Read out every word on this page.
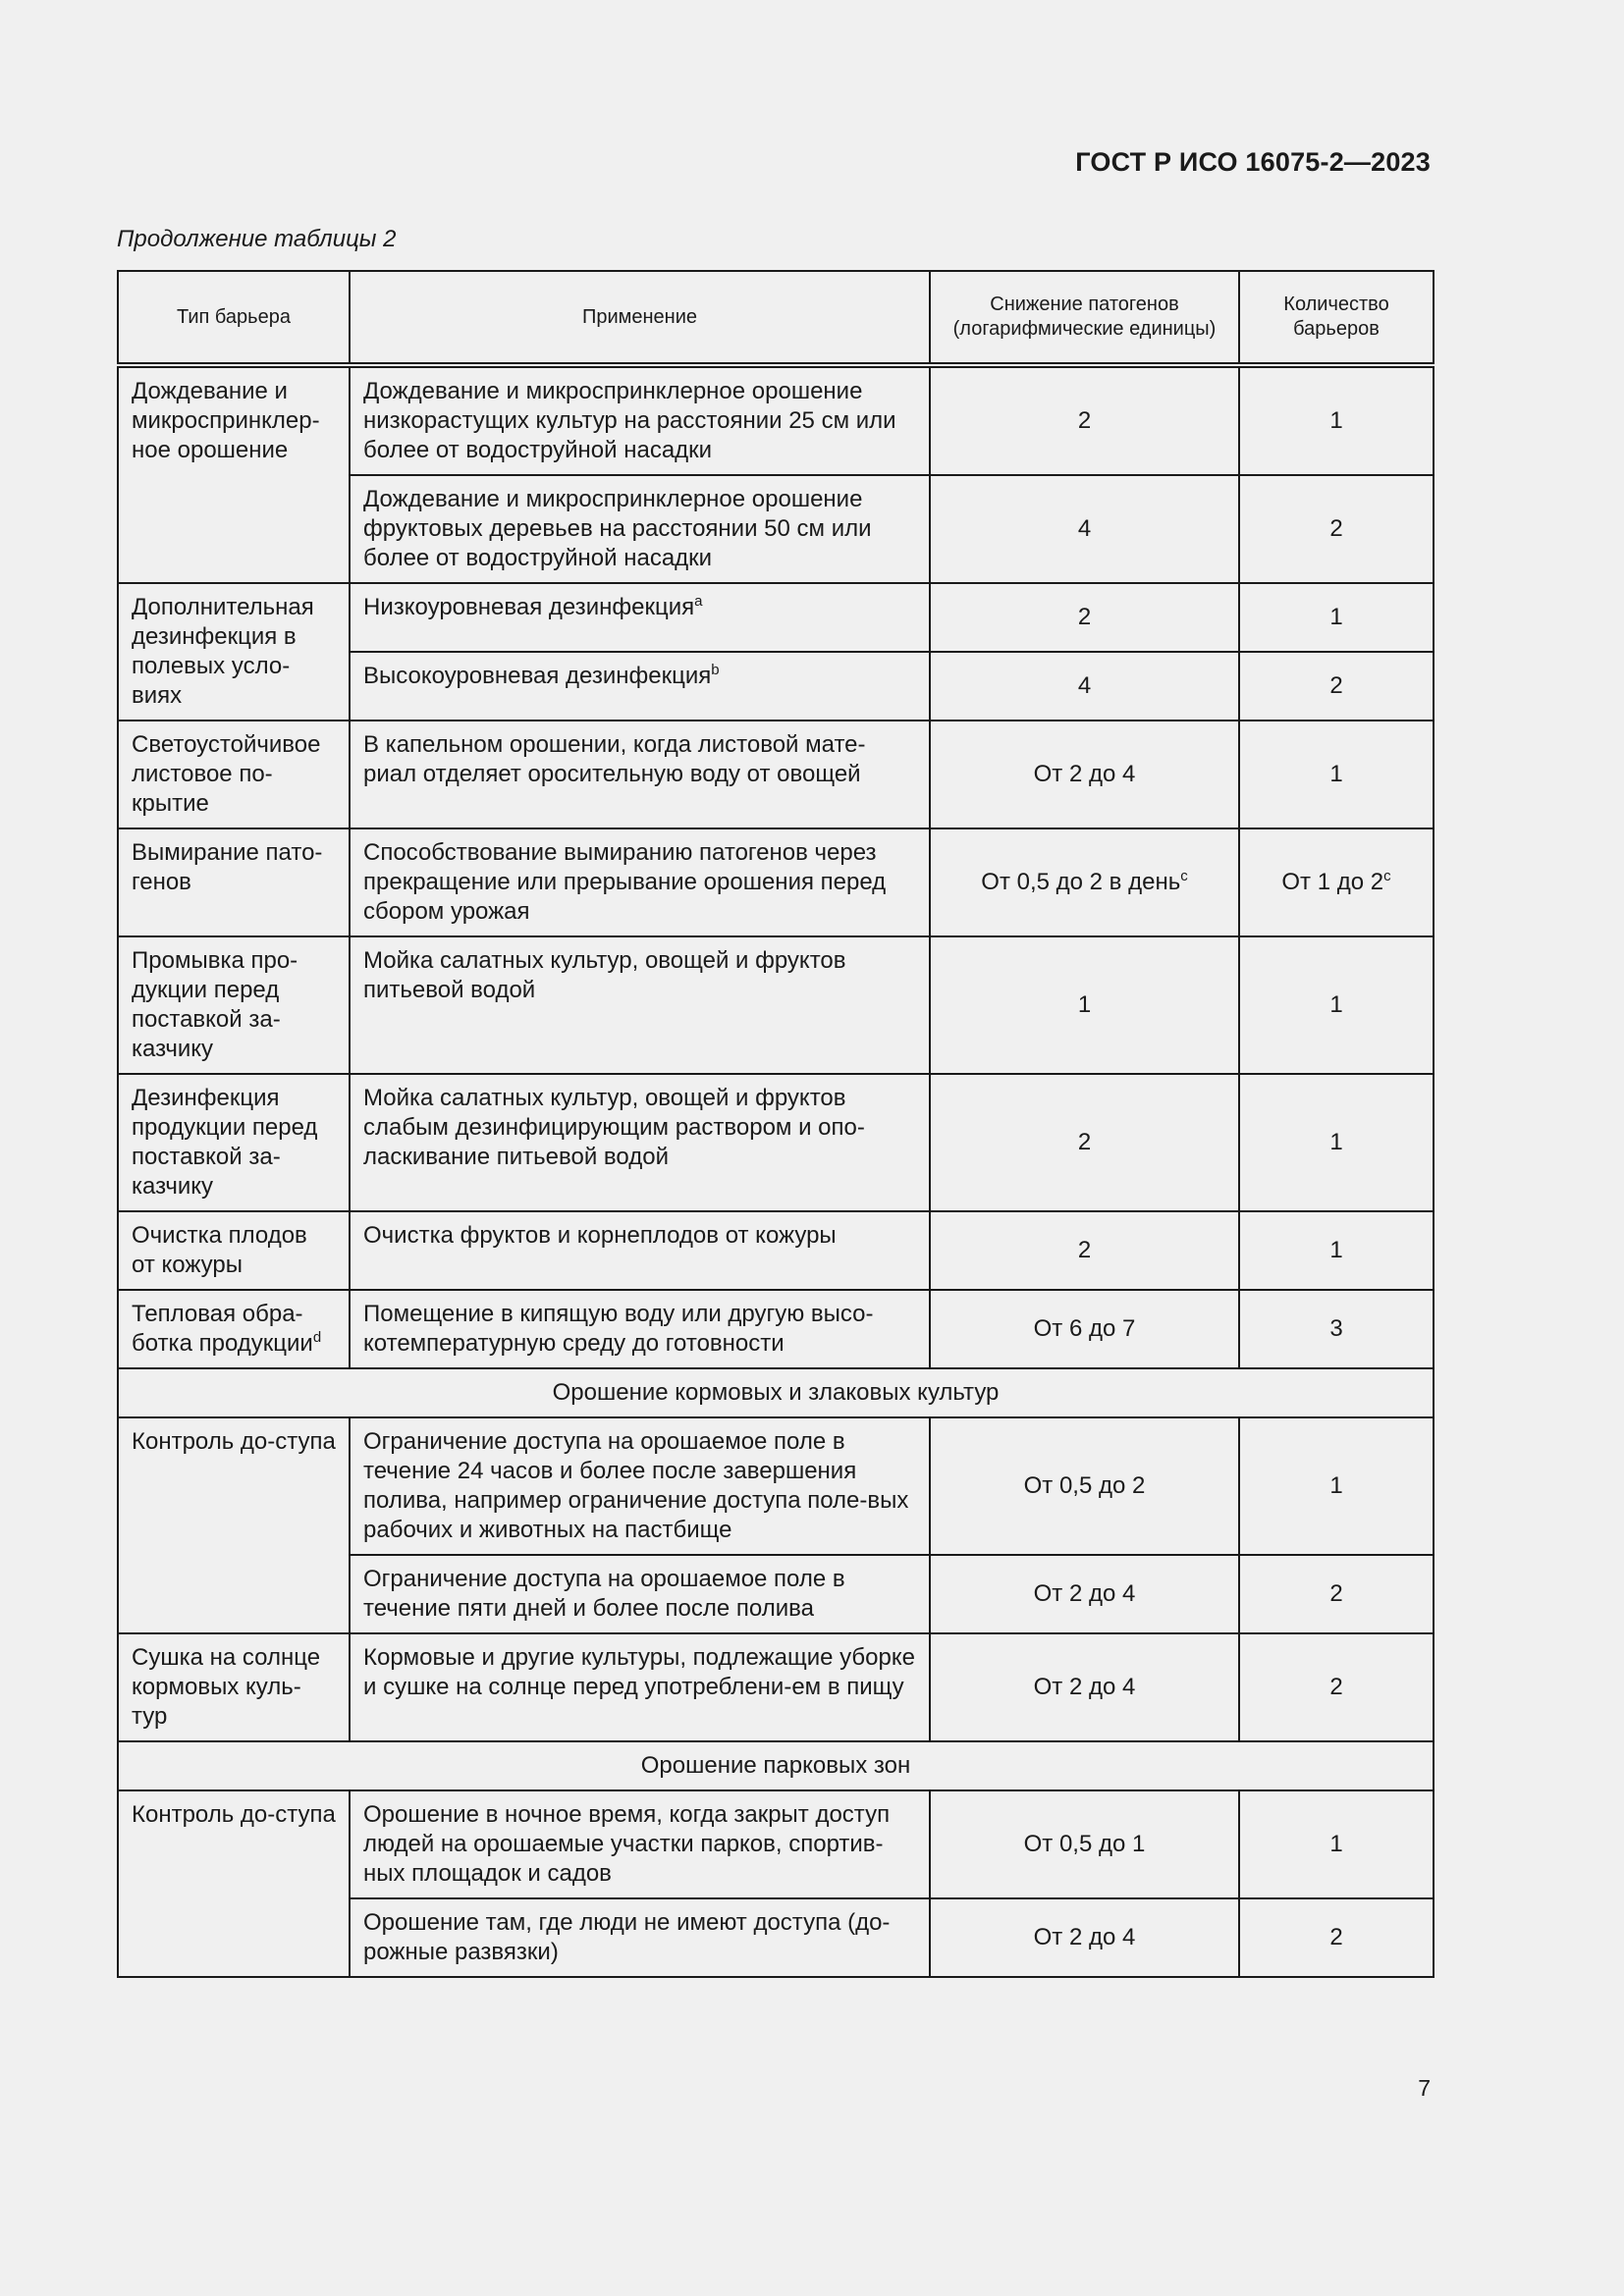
ГОСТ Р ИСО 16075-2—2023
Продолжение таблицы 2
Тип барьера	Применение	Снижение патогенов (логарифмические единицы)	Количество барьеров
Дождевание и микроспринклер-ное орошение	Дождевание и микроспринклерное орошение низкорастущих культур на расстоянии 25 см или более от водоструйной насадки	2	1
	Дождевание и микроспринклерное орошение фруктовых деревьев на расстоянии 50 см или более от водоструйной насадки	4	2
Дополнительная дезинфекция в полевых усло-виях	Низкоуровневая дезинфекция$^a$	2	1
	Высокоуровневая дезинфекция$^b$	4	2
Светоустойчивое листовое по-крытие	В капельном орошении, когда листовой мате-риал отделяет оросительную воду от овощей	От 2 до 4	1
Вымирание пато-генов	Способствование вымиранию патогенов через прекращение или прерывание орошения перед сбором урожая	От 0,5 до 2 в день$^c$	От 1 до 2$^c$
Промывка про-дукции перед поставкой за-казчику	Мойка салатных культур, овощей и фруктов питьевой водой	1	1
Дезинфекция продукции перед поставкой за-казчику	Мойка салатных культур, овощей и фруктов слабым дезинфицирующим раствором и опо-ласкивание питьевой водой	2	1
Очистка плодов от кожуры	Очистка фруктов и корнеплодов от кожуры	2	1
Тепловая обра-ботка продукции$^d$	Помещение в кипящую воду или другую высо-котемпературную среду до готовности	От 6 до 7	3
Орошение кормовых и злаковых культур			
Контроль до-ступа	Ограничение доступа на орошаемое поле в течение 24 часов и более после завершения полива, например ограничение доступа поле-вых рабочих и животных на пастбище	От 0,5 до 2	1
	Ограничение доступа на орошаемое поле в течение пяти дней и более после полива	От 2 до 4	2
Сушка на солнце кормовых куль-тур	Кормовые и другие культуры, подлежащие уборке и сушке на солнце перед употреблени-ем в пищу	От 2 до 4	2
Орошение парковых зон			
Контроль до-ступа	Орошение в ночное время, когда закрыт доступ людей на орошаемые участки парков, спортив-ных площадок и садов	От 0,5 до 1	1
	Орошение там, где люди не имеют доступа (до-рожные развязки)	От 2 до 4	2
7
